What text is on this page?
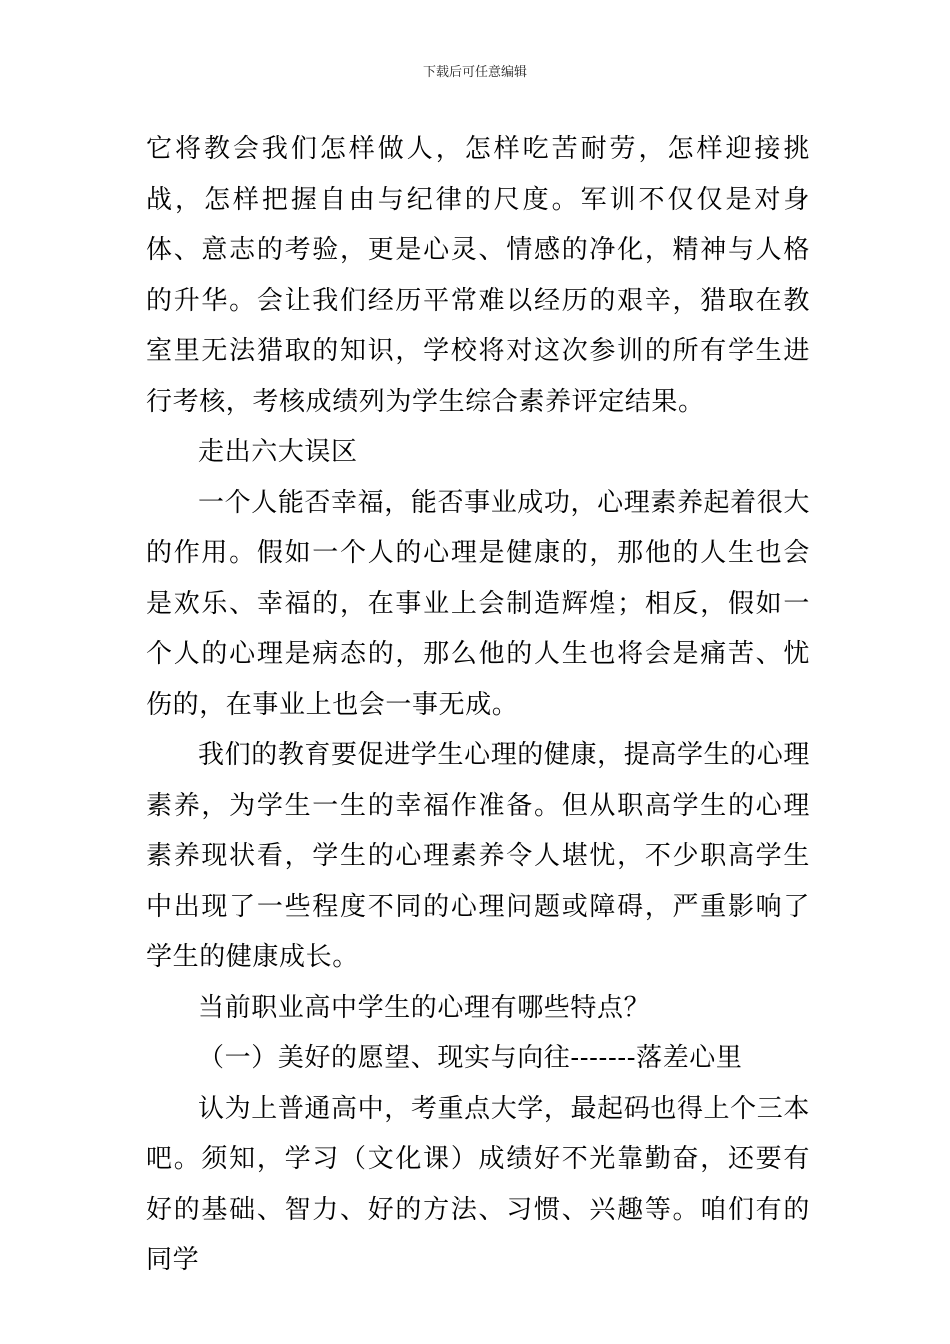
下载后可任意编辑

它将教会我们怎样做人，怎样吃苦耐劳，怎样迎接挑战，怎样把握自由与纪律的尺度。军训不仅仅是对身体、意志的考验，更是心灵、情感的净化，精神与人格的升华。会让我们经历平常难以经历的艰辛，猎取在教室里无法猎取的知识，学校将对这次参训的所有学生进行考核，考核成绩列为学生综合素养评定结果。

走出六大误区

一个人能否幸福，能否事业成功，心理素养起着很大的作用。假如一个人的心理是健康的，那他的人生也会是欢乐、幸福的，在事业上会制造辉煌；相反，假如一个人的心理是病态的，那么他的人生也将会是痛苦、忧伤的，在事业上也会一事无成。

我们的教育要促进学生心理的健康，提高学生的心理素养，为学生一生的幸福作准备。但从职高学生的心理素养现状看，学生的心理素养令人堪忧，不少职高学生中出现了一些程度不同的心理问题或障碍，严重影响了学生的健康成长。

当前职业高中学生的心理有哪些特点？

（一）美好的愿望、现实与向往-------落差心里

认为上普通高中，考重点大学，最起码也得上个三本吧。须知，学习（文化课）成绩好不光靠勤奋，还要有好的基础、智力、好的方法、习惯、兴趣等。咱们有的同学
